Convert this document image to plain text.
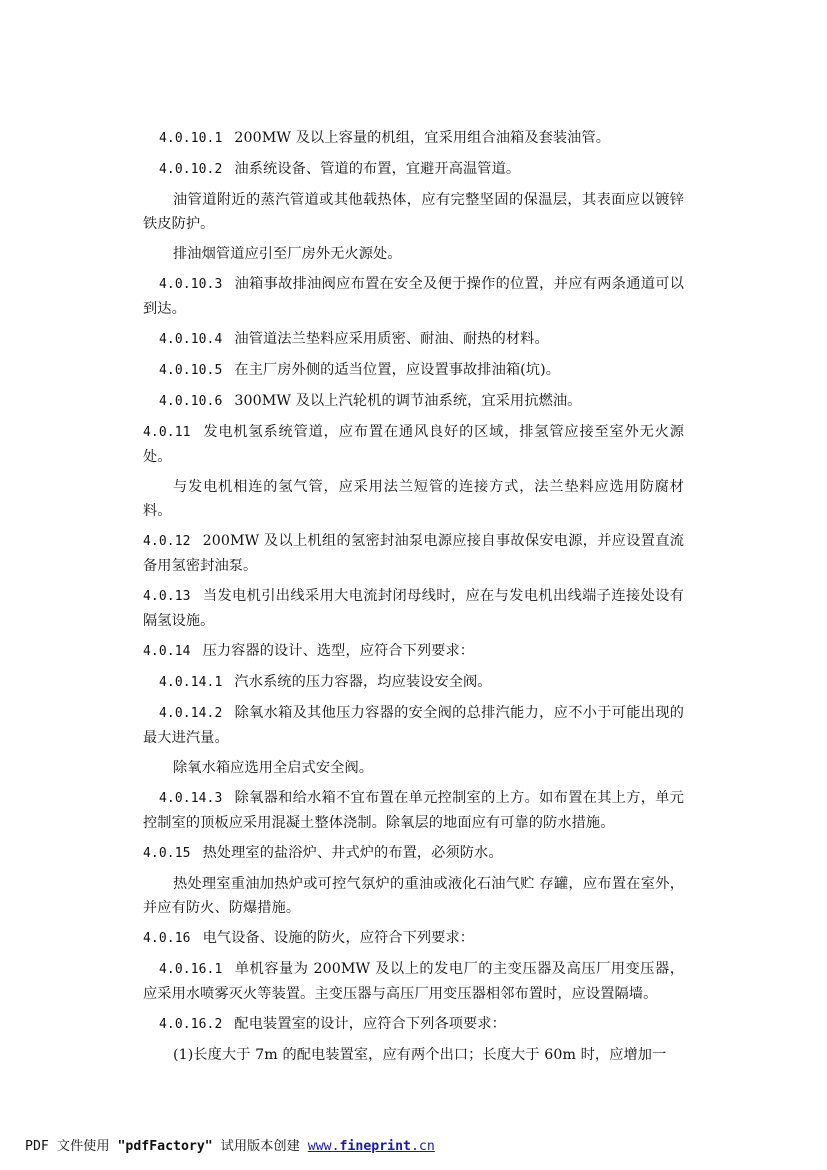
4.0.10.1 200MW 及以上容量的机组，宜采用组合油箱及套装油管。

4.0.10.2 油系统设备、管道的布置，宜避开高温管道。

油管道附近的蒸汽管道或其他载热体，应有完整坚固的保温层，其表面应以镀锌铁皮防护。

排油烟管道应引至厂房外无火源处。

4.0.10.3 油箱事故排油阀应布置在安全及便于操作的位置，并应有两条通道可以到达。

4.0.10.4 油管道法兰垫料应采用质密、耐油、耐热的材料。

4.0.10.5 在主厂房外侧的适当位置，应设置事故排油箱(坑)。

4.0.10.6 300MW 及以上汽轮机的调节油系统，宜采用抗燃油。

4.0.11 发电机氢系统管道，应布置在通风良好的区域，排氢管应接至室外无火源处。

与发电机相连的氢气管，应采用法兰短管的连接方式，法兰垫料应选用防腐材料。

4.0.12 200MW 及以上机组的氢密封油泵电源应接自事故保安电源，并应设置直流备用氢密封油泵。

4.0.13 当发电机引出线采用大电流封闭母线时，应在与发电机出线端子连接处设有隔氢设施。

4.0.14 压力容器的设计、选型，应符合下列要求：

4.0.14.1 汽水系统的压力容器，均应装设安全阀。

4.0.14.2 除氧水箱及其他压力容器的安全阀的总排汽能力，应不小于可能出现的最大进汽量。

除氧水箱应选用全启式安全阀。

4.0.14.3 除氧器和给水箱不宜布置在单元控制室的上方。如布置在其上方，单元控制室的顶板应采用混凝土整体浇制。除氧层的地面应有可靠的防水措施。

4.0.15 热处理室的盐浴炉、井式炉的布置，必须防水。

热处理室重油加热炉或可控气氛炉的重油或液化石油气贮 存罐，应布置在室外，并应有防火、防爆措施。

4.0.16 电气设备、设施的防火，应符合下列要求：

4.0.16.1 单机容量为 200MW 及以上的发电厂的主变压器及高压厂用变压器，应采用水喷雾灭火等装置。主变压器与高压厂用变压器相邻布置时，应设置隔墙。

4.0.16.2 配电装置室的设计，应符合下列各项要求：

(1)长度大于 7m 的配电装置室，应有两个出口；长度大于 60m 时，应增加一

PDF 文件使用 "pdfFactory" 试用版本创建 www.fineprint.cn
